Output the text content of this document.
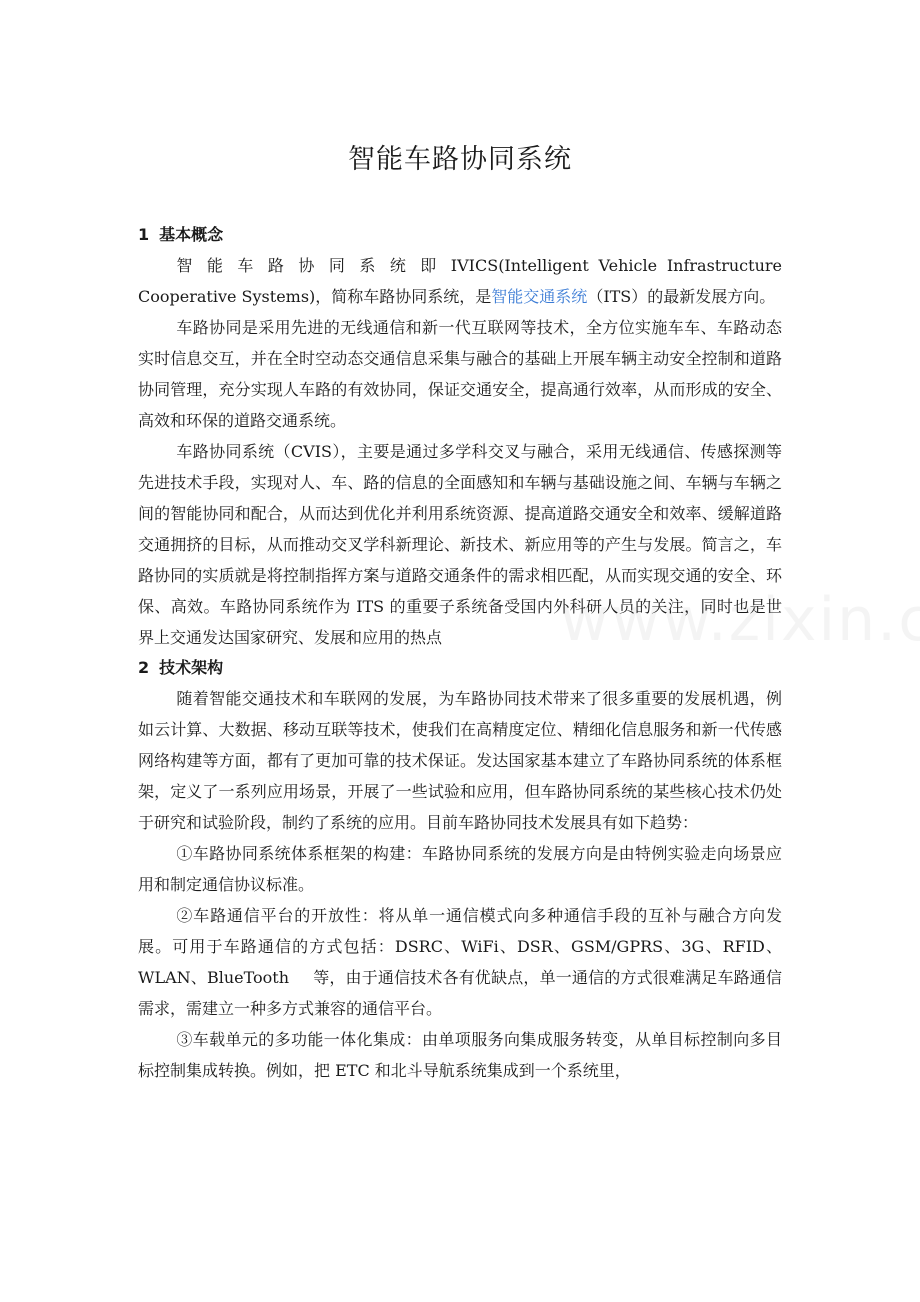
智能车路协同系统
1 基本概念

智 能 车 路 协 同 系 统 即 IVICS(Intelligent Vehicle Infrastructure Cooperative Systems)，简称车路协同系统，是智能交通系统（ITS）的最新发展方向。

车路协同是采用先进的无线通信和新一代互联网等技术，全方位实施车车、车路动态实时信息交互，并在全时空动态交通信息采集与融合的基础上开展车辆主动安全控制和道路协同管理，充分实现人车路的有效协同，保证交通安全，提高通行效率，从而形成的安全、高效和环保的道路交通系统。

车路协同系统（CVIS），主要是通过多学科交叉与融合，采用无线通信、传感探测等先进技术手段，实现对人、车、路的信息的全面感知和车辆与基础设施之间、车辆与车辆之间的智能协同和配合，从而达到优化并利用系统资源、提高道路交通安全和效率、缓解道路交通拥挤的目标，从而推动交叉学科新理论、新技术、新应用等的产生与发展。简言之，车路协同的实质就是将控制指挥方案与道路交通条件的需求相匹配，从而实现交通的安全、环保、高效。车路协同系统作为 ITS 的重要子系统备受国内外科研人员的关注，同时也是世界上交通发达国家研究、发展和应用的热点

2 技术架构

随着智能交通技术和车联网的发展，为车路协同技术带来了很多重要的发展机遇，例如云计算、大数据、移动互联等技术，使我们在高精度定位、精细化信息服务和新一代传感网络构建等方面，都有了更加可靠的技术保证。发达国家基本建立了车路协同系统的体系框架，定义了一系列应用场景，开展了一些试验和应用，但车路协同系统的某些核心技术仍处于研究和试验阶段，制约了系统的应用。目前车路协同技术发展具有如下趋势：

①车路协同系统体系框架的构建：车路协同系统的发展方向是由特例实验走向场景应用和制定通信协议标准。

②车路通信平台的开放性：将从单一通信模式向多种通信手段的互补与融合方向发展。可用于车路通信的方式包括：DSRC、WiFi、DSR、GSM/GPRS、3G、RFID、WLAN、BlueTooth 等，由于通信技术各有优缺点，单一通信的方式很难满足车路通信需求，需建立一种多方式兼容的通信平台。

③车载单元的多功能一体化集成：由单项服务向集成服务转变，从单目标控制向多目标控制集成转换。例如，把 ETC 和北斗导航系统集成到一个系统里，
